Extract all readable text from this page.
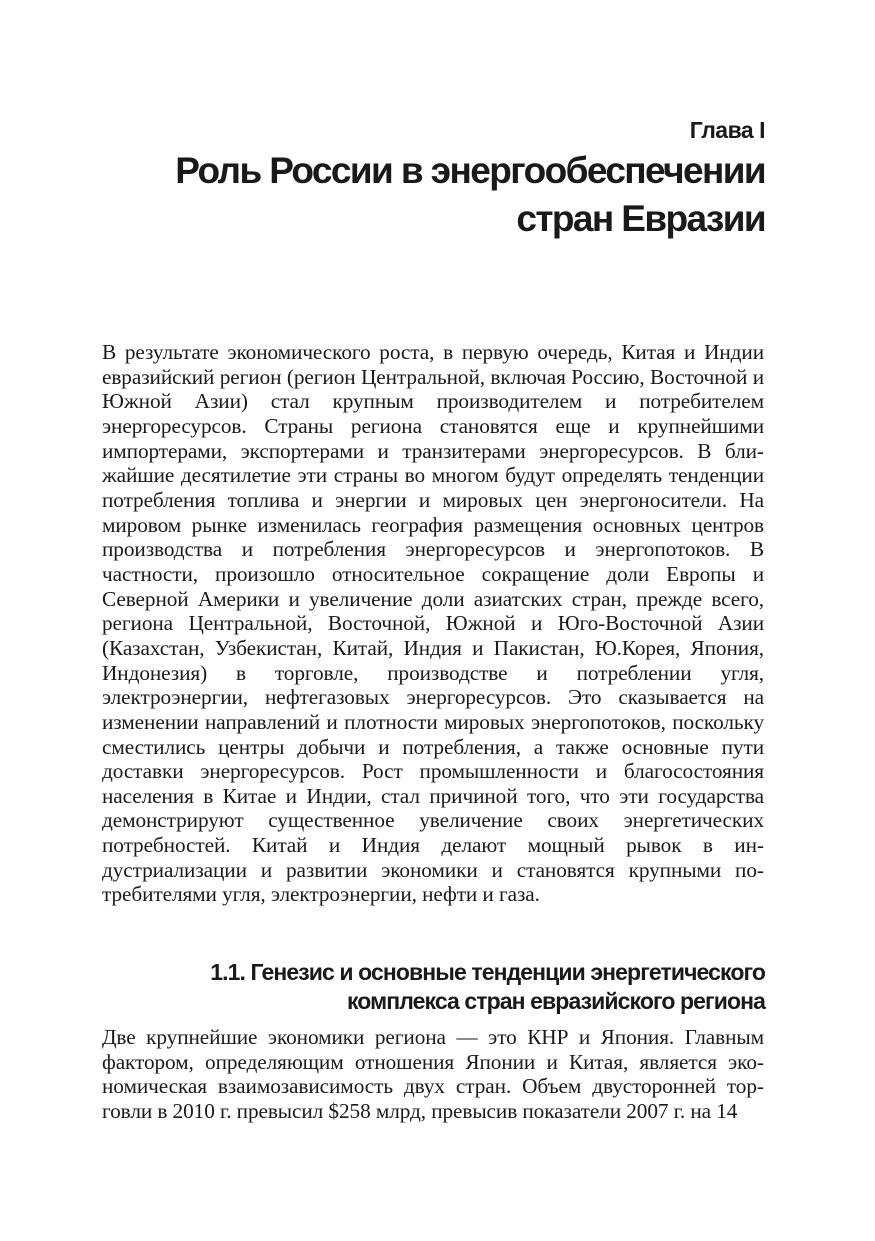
Глава I
Роль России в энергообеспечении
стран Евразии

В результате экономического роста, в первую очередь, Китая и Индии евразийский регион (регион Центральной, включая Россию, Восточной и Южной Азии) стал крупным производителем и потребителем энергоресурсов. Страны региона становятся еще и крупнейшими импортерами, экспортерами и транзитерами энергоресурсов. В ближайшие десятилетие эти страны во многом будут определять тенденции потребления топлива и энергии и мировых цен энергоносители. На мировом рынке изменилась география размещения основных центров производства и потребления энергоресурсов и энергопотоков. В частности, произошло относительное сокращение доли Европы и Северной Америки и увеличение доли азиатских стран, прежде всего, региона Центральной, Восточной, Южной и Юго-Восточной Азии (Казахстан, Узбекистан, Китай, Индия и Пакистан, Ю.Корея, Япония, Индонезия) в торговле, производстве и потреблении угля, электроэнергии, нефтегазовых энергоресурсов. Это сказывается на изменении направлений и плотности мировых энергопотоков, поскольку сместились центры добычи и потребления, а также основные пути доставки энергоресурсов. Рост промышленности и благосостояния населения в Китае и Индии, стал причиной того, что эти государства демонстрируют существенное увеличение своих энергетических потребностей. Китай и Индия делают мощный рывок в индустриализации и развитии экономики и становятся крупными потребителями угля, электроэнергии, нефти и газа.

1.1. Генезис и основные тенденции энергетического
комплекса стран евразийского региона

Две крупнейшие экономики региона — это КНР и Япония. Главным фактором, определяющим отношения Японии и Китая, является экономическая взаимозависимость двух стран. Объем двусторонней торговли в 2010 г. превысил $258 млрд, превысив показатели 2007 г. на 14
